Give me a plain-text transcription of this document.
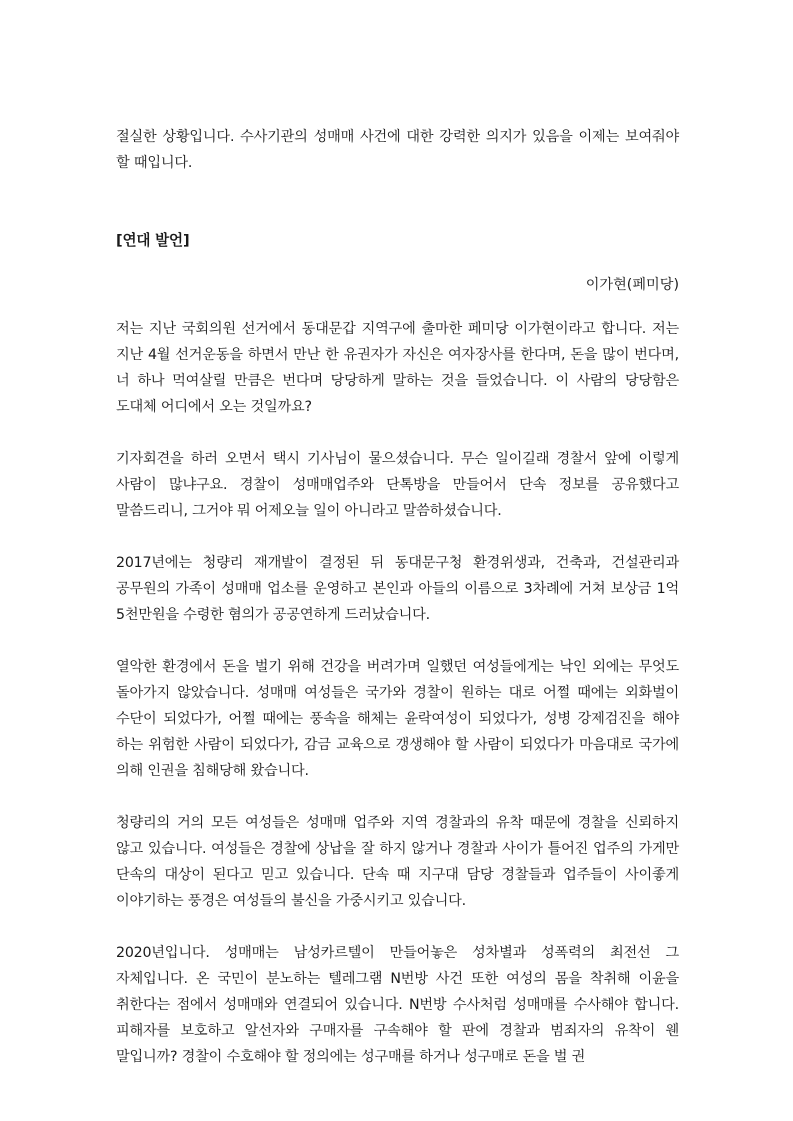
절실한 상황입니다. 수사기관의 성매매 사건에 대한 강력한 의지가 있음을 이제는 보여줘야 할 때입니다.

[연대 발언]

이가현(페미당)

저는 지난 국회의원 선거에서 동대문갑 지역구에 출마한 페미당 이가현이라고 합니다. 저는 지난 4월 선거운동을 하면서 만난 한 유권자가 자신은 여자장사를 한다며, 돈을 많이 번다며, 너 하나 먹여살릴 만큼은 번다며 당당하게 말하는 것을 들었습니다. 이 사람의 당당함은 도대체 어디에서 오는 것일까요?

기자회견을 하러 오면서 택시 기사님이 물으셨습니다. 무슨 일이길래 경찰서 앞에 이렇게 사람이 많냐구요. 경찰이 성매매업주와 단톡방을 만들어서 단속 정보를 공유했다고 말씀드리니, 그거야 뭐 어제오늘 일이 아니라고 말씀하셨습니다.

2017년에는 청량리 재개발이 결정된 뒤 동대문구청 환경위생과, 건축과, 건설관리과 공무원의 가족이 성매매 업소를 운영하고 본인과 아들의 이름으로 3차례에 거쳐 보상금 1억 5천만원을 수령한 혐의가 공공연하게 드러났습니다.

열악한 환경에서 돈을 벌기 위해 건강을 버려가며 일했던 여성들에게는 낙인 외에는 무엇도 돌아가지 않았습니다. 성매매 여성들은 국가와 경찰이 원하는 대로 어쩔 때에는 외화벌이 수단이 되었다가, 어쩔 때에는 풍속을 해체는 윤락여성이 되었다가, 성병 강제검진을 해야 하는 위험한 사람이 되었다가, 감금 교육으로 갱생해야 할 사람이 되었다가 마음대로 국가에 의해 인권을 침해당해 왔습니다.

청량리의 거의 모든 여성들은 성매매 업주와 지역 경찰과의 유착 때문에 경찰을 신뢰하지 않고 있습니다. 여성들은 경찰에 상납을 잘 하지 않거나 경찰과 사이가 틀어진 업주의 가게만 단속의 대상이 된다고 믿고 있습니다. 단속 때 지구대 담당 경찰들과 업주들이 사이좋게 이야기하는 풍경은 여성들의 불신을 가중시키고 있습니다.

2020년입니다. 성매매는 남성카르텔이 만들어놓은 성차별과 성폭력의 최전선 그 자체입니다. 온 국민이 분노하는 텔레그램 N번방 사건 또한 여성의 몸을 착취해 이윤을 취한다는 점에서 성매매와 연결되어 있습니다. N번방 수사처럼 성매매를 수사해야 합니다. 피해자를 보호하고 알선자와 구매자를 구속해야 할 판에 경찰과 범죄자의 유착이 웬 말입니까? 경찰이 수호해야 할 정의에는 성구매를 하거나 성구매로 돈을 벌 권
